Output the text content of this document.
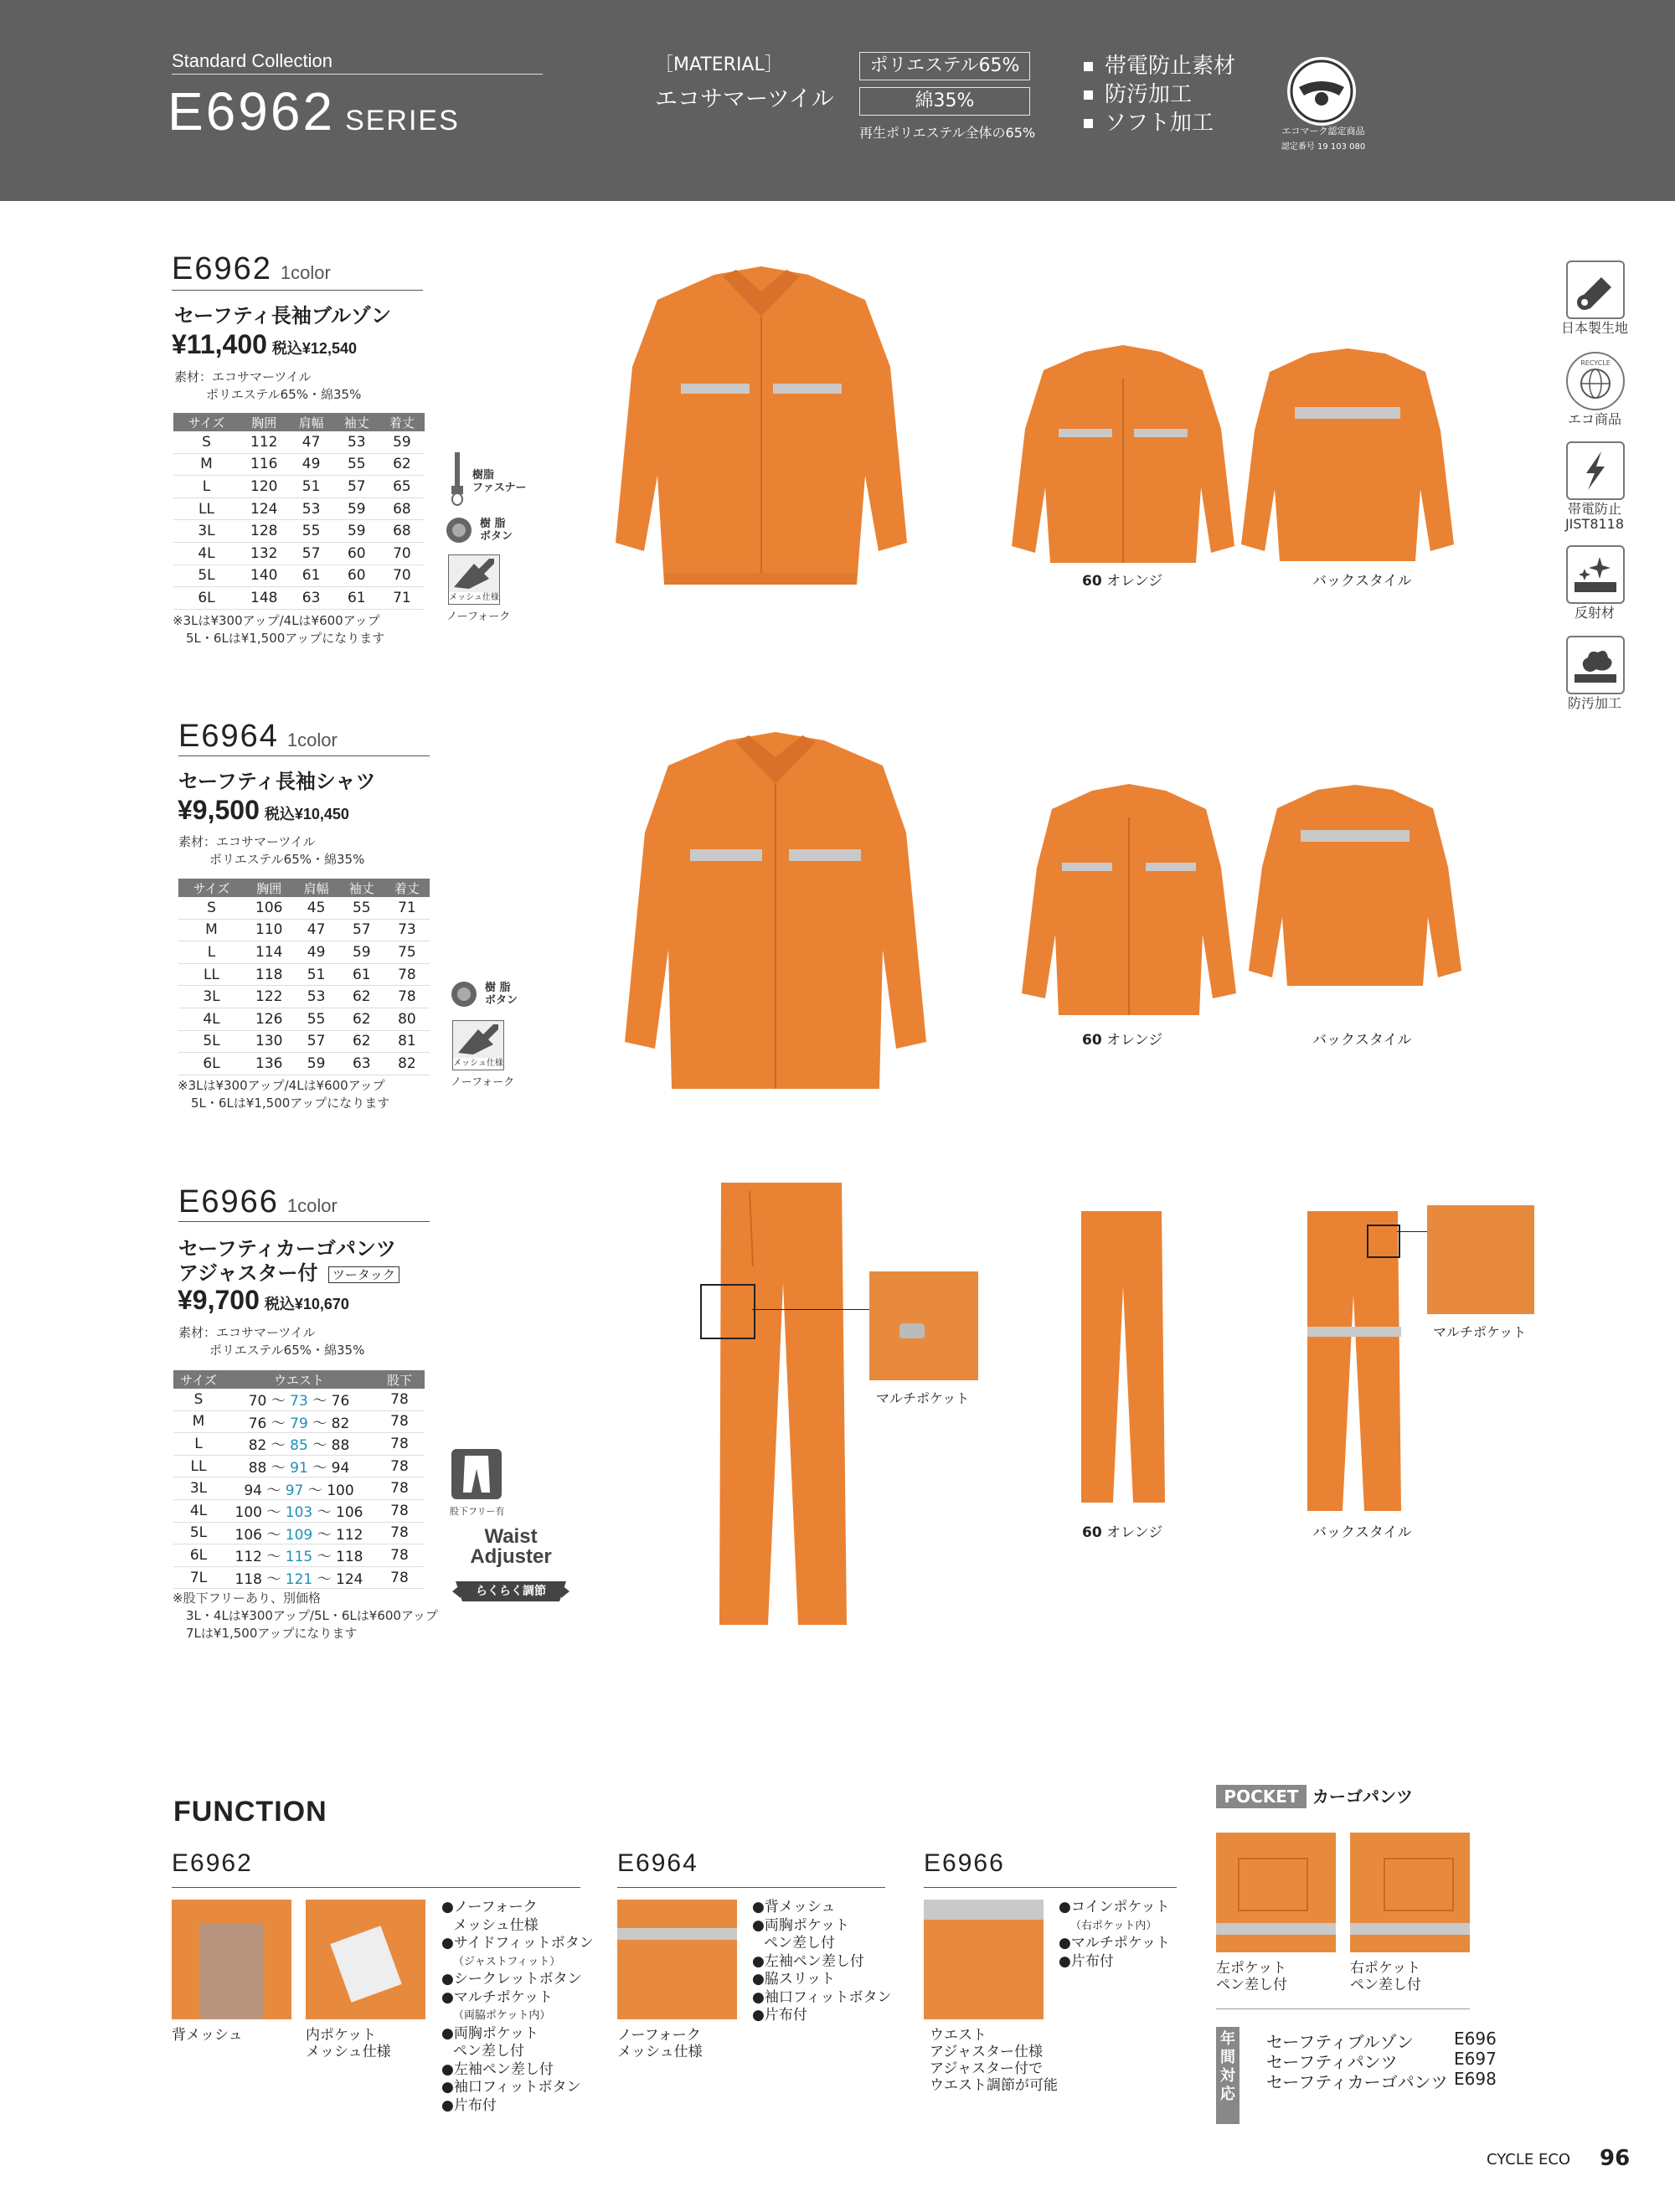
Standard Collection
E6962 SERIES
［MATERIAL］
エコサマーツイル
ポリエステル65%
綿35%
再生ポリエステル全体の65%
帯電防止素材
防汚加工
ソフト加工	エコマーク認定商品
認定番号 19 103 080
日本製生地
RECYCLE
エコ商品
帯電防止
JIST8118
反射材
防汚加工
E6962 1color
セーフティ長袖ブルゾン
¥11,400 税込¥12,540
素材：エコサマーツイル
ポリエステル65%・綿35%
サイズ	胸囲	肩幅	袖丈	着丈
S	112	47	53	59
M	116	49	55	62
L	120	51	57	65
LL	124	53	59	68
3L	128	55	59	68
4L	132	57	60	70
5L	140	61	60	70
6L	148	63	61	71
※3Lは¥300アップ/4Lは¥600アップ
5L・6Lは¥1,500アップになります
樹脂
ファスナー
樹 脂
ボタン
メッシュ仕様
ノーフォーク
60 オレンジ	バックスタイル
E6964 1color
セーフティ長袖シャツ
¥9,500 税込¥10,450
素材：エコサマーツイル
ポリエステル65%・綿35%
サイズ	胸囲	肩幅	袖丈	着丈
S	106	45	55	71
M	110	47	57	73
L	114	49	59	75
LL	118	51	61	78
3L	122	53	62	78
4L	126	55	62	80
5L	130	57	62	81
6L	136	59	63	82
※3Lは¥300アップ/4Lは¥600アップ
5L・6Lは¥1,500アップになります
樹 脂
ボタン
メッシュ仕様
ノーフォーク
60 オレンジ	バックスタイル
E6966 1color
セーフティカーゴパンツ
アジャスター付 ツータック
¥9,700 税込¥10,670
素材：エコサマーツイル
ポリエステル65%・綿35%
サイズ	ウエスト	股下
S	70 〜 73 〜 76	78
M	76 〜 79 〜 82	78
L	82 〜 85 〜 88	78
LL	88 〜 91 〜 94	78
3L	94 〜 97 〜 100	78
4L	100 〜 103 〜 106	78
5L	106 〜 109 〜 112	78
6L	112 〜 115 〜 118	78
7L	118 〜 121 〜 124	78
※股下フリーあり、別価格
3L・4Lは¥300アップ/5L・6Lは¥600アップ
7Lは¥1,500アップになります
股下フリー有
Waist
Adjuster
らくらく調節
マルチポケット
マルチポケット
60 オレンジ	バックスタイル
FUNCTION
E6962
背メッシュ	内ポケット
メッシュ仕様
●ノーフォーク
メッシュ仕様
●サイドフィットボタン
（ジャストフィット）
●シークレットボタン
●マルチポケット
（両脇ポケット内）
●両胸ポケット
ペン差し付
●左袖ペン差し付
●袖口フィットボタン
●片布付
E6964
ノーフォーク
メッシュ仕様
●背メッシュ
●両胸ポケット
ペン差し付
●左袖ペン差し付
●脇スリット
●袖口フィットボタン
●片布付
E6966
ウエスト
アジャスター仕様
アジャスター付で
ウエスト調節が可能
●コインポケット
（右ポケット内）
●マルチポケット
●片布付
POCKET カーゴパンツ
左ポケット
ペン差し付
右ポケット
ペン差し付
年
間
対
応
セーフティブルゾン E696
セーフティパンツ	E697
セーフティカーゴパンツ E698
CYCLE ECO 96
